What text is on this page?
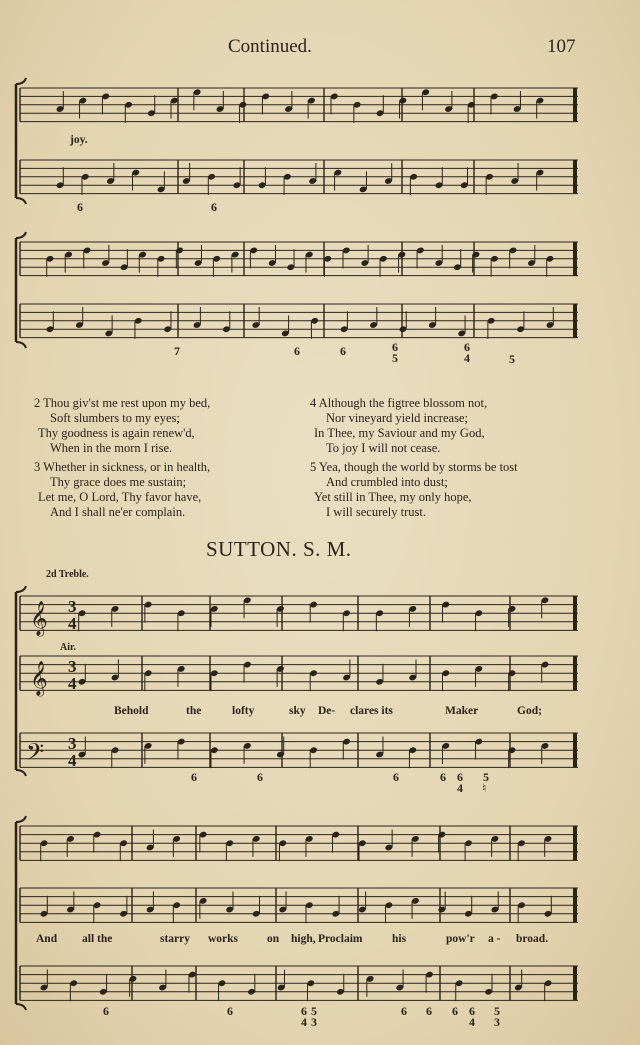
Continued.	107
𝄞
𝄞
𝄢
3
4
3
4
3
4
joy.
6	6
7	6	6	6
5
6
4	5
2 Thou giv'st me rest upon my bed,
Soft slumbers to my eyes;
Thy goodness is again renew'd,
When in the morn I rise.
3 Whether in sickness, or in health,
Thy grace does me sustain;
Let me, O Lord, Thy favor have,
And I shall ne'er complain.
4 Although the figtree blossom not,
Nor vineyard yield increase;
In Thee, my Saviour and my God,
To joy I will not cease.
5 Yea, though the world by storms be tost
And crumbled into dust;
Yet still in Thee, my only hope,
I will securely trust.
SUTTON. S. M.
2d Treble.
Air.
Behold	the	lofty	sky De- clares its	Maker	God;
6	6	6	6 6
4
5
♮
And all the	starry works	on high, Proclaim	his	pow'r a - broad.
6	6	6 5
4 3
6 6 6 6 5
4 3
